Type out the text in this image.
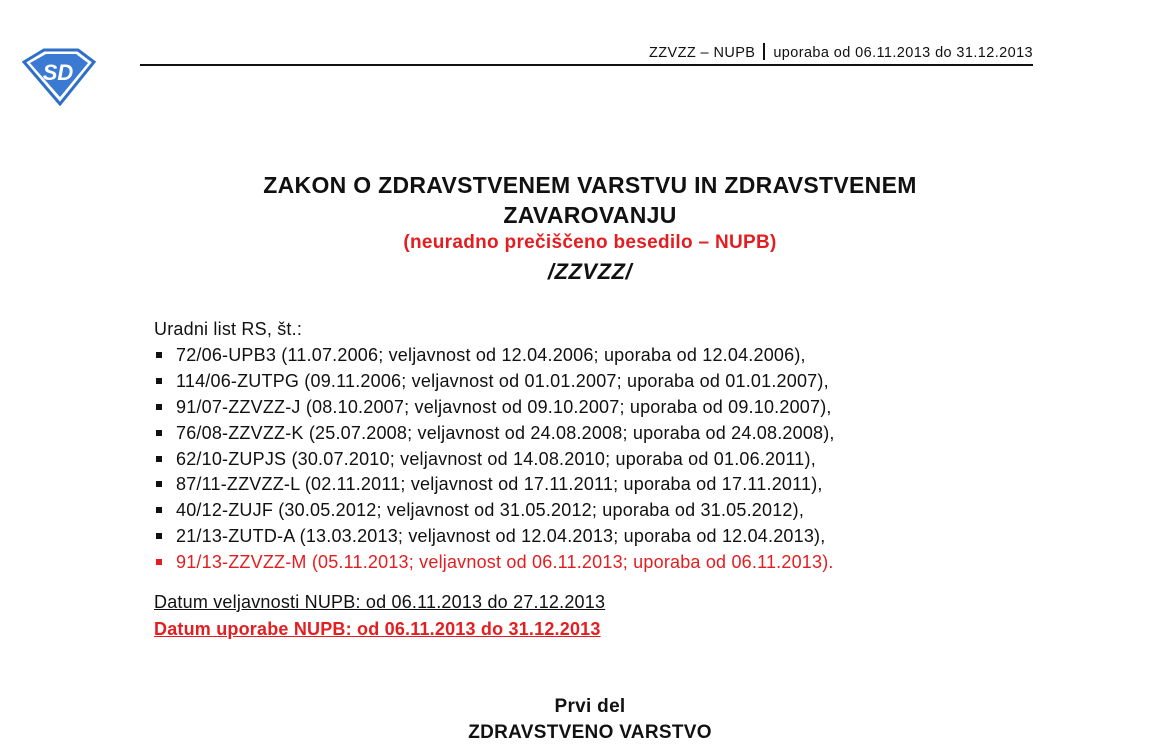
SD
ZZVZZ – NUPB uporaba od 06.11.2013 do 31.12.2013
ZAKON O ZDRAVSTVENEM VARSTVU IN ZDRAVSTVENEM
ZAVAROVANJU
(neuradno prečiščeno besedilo – NUPB)
/ZZVZZ/
Uradni list RS, št.:
72/06-UPB3 (11.07.2006; veljavnost od 12.04.2006; uporaba od 12.04.2006),
114/06-ZUTPG (09.11.2006; veljavnost od 01.01.2007; uporaba od 01.01.2007),
91/07-ZZVZZ-J (08.10.2007; veljavnost od 09.10.2007; uporaba od 09.10.2007),
76/08-ZZVZZ-K (25.07.2008; veljavnost od 24.08.2008; uporaba od 24.08.2008),
62/10-ZUPJS (30.07.2010; veljavnost od 14.08.2010; uporaba od 01.06.2011),
87/11-ZZVZZ-L (02.11.2011; veljavnost od 17.11.2011; uporaba od 17.11.2011),
40/12-ZUJF (30.05.2012; veljavnost od 31.05.2012; uporaba od 31.05.2012),
21/13-ZUTD-A (13.03.2013; veljavnost od 12.04.2013; uporaba od 12.04.2013),
91/13-ZZVZZ-M (05.11.2013; veljavnost od 06.11.2013; uporaba od 06.11.2013).
Datum veljavnosti NUPB: od 06.11.2013 do 27.12.2013
Datum uporabe NUPB: od 06.11.2013 do 31.12.2013
Prvi del
ZDRAVSTVENO VARSTVO
